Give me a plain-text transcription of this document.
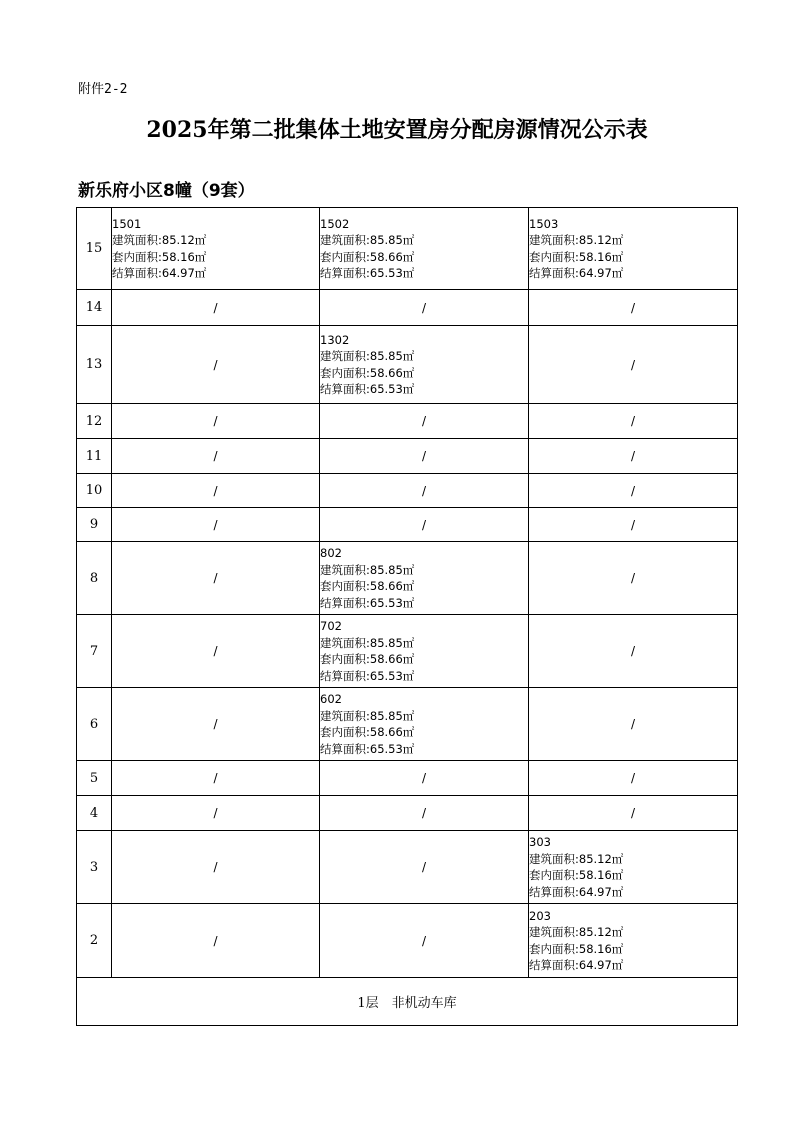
附件2-2
2025年第二批集体土地安置房分配房源情况公示表
新乐府小区8幢（9套）
15	1501
建筑面积:85.12㎡
套内面积:58.16㎡
结算面积:64.97㎡	1502
建筑面积:85.85㎡
套内面积:58.66㎡
结算面积:65.53㎡	1503
建筑面积:85.12㎡
套内面积:58.16㎡
结算面积:64.97㎡

14	/	/	/
13	/	1302
建筑面积:85.85㎡
套内面积:58.66㎡
结算面积:65.53㎡	/
12	/	/	/
11	/	/	/
10	/	/	/
9	/	/	/
8	/	802
建筑面积:85.85㎡
套内面积:58.66㎡
结算面积:65.53㎡	/
7	/	702
建筑面积:85.85㎡
套内面积:58.66㎡
结算面积:65.53㎡	/
6	/	602
建筑面积:85.85㎡
套内面积:58.66㎡
结算面积:65.53㎡	/
5	/	/	/
4	/	/	/
3	/	/	303
建筑面积:85.12㎡
套内面积:58.16㎡
结算面积:64.97㎡

2	/	/	203
建筑面积:85.12㎡
套内面积:58.16㎡
结算面积:64.97㎡

1层　非机动车库			
